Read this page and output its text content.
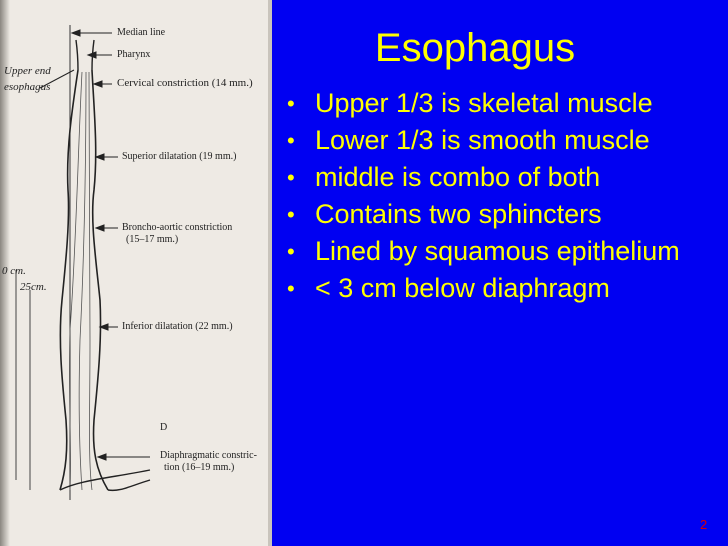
Median line
Pharynx
Upper end
esophagus	Cervical constriction (14 mm.)
Superior dilatation (19 mm.)
Broncho-aortic constriction
(15–17 mm.)
0 cm.
25cm.
Inferior dilatation (22 mm.)
D
Diaphragmatic constric-
tion (16–19 mm.)
Esophagus
• Upper 1/3 is skeletal muscle
• Lower 1/3 is smooth muscle
• middle is combo of both
• Contains two sphincters
• Lined by squamous epithelium
• < 3 cm below diaphragm
2
